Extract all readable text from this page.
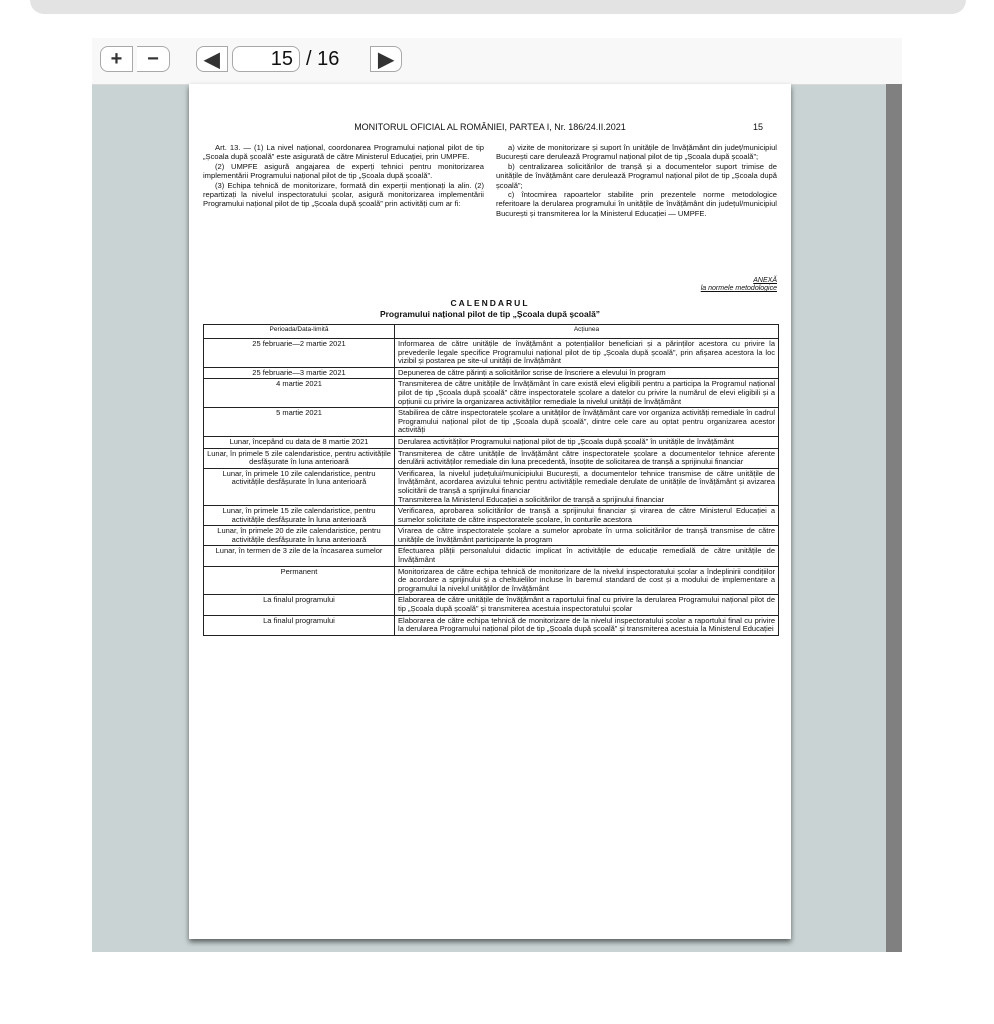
+	−	◀	15 / 16	▶
MONITORUL OFICIAL AL ROMÂNIEI, PARTEA I, Nr. 186/24.II.2021	15

Art. 13. — (1) La nivel național, coordonarea Programului național pilot de tip „Școala după școală” este asigurată de către Ministerul Educației, prin UMPFE.

(2) UMPFE asigură angajarea de experți tehnici pentru monitorizarea implementării Programului național pilot de tip „Școala după școală”.

(3) Echipa tehnică de monitorizare, formată din experții menționați la alin. (2) repartizați la nivelul inspectoratului școlar, asigură monitorizarea implementării Programului național pilot de tip „Școala după școală” prin activități cum ar fi:

a) vizite de monitorizare și suport în unitățile de învățământ din județ/municipiul București care derulează Programul național pilot de tip „Școala după școală”;

b) centralizarea solicitărilor de tranșă și a documentelor suport trimise de unitățile de învățământ care derulează Programul național pilot de tip „Școala după școală”;

c) întocmirea rapoartelor stabilite prin prezentele norme metodologice referitoare la derularea programului în unitățile de învățământ din județul/municipiul București și transmiterea lor la Ministerul Educației — UMPFE.

ANEXĂ
la normele metodologice
CALENDARUL
Programului național pilot de tip „Școala după școală”
Perioada/Data-limită	Acțiunea
25 februarie—2 martie 2021	Informarea de către unitățile de învățământ a potențialilor beneficiari și a părinților acestora cu privire la prevederile legale specifice Programului național pilot de tip „Școala după școală”, prin afișarea acestora la loc vizibil și postarea pe site-ul unității de învățământ
25 februarie—3 martie 2021	Depunerea de către părinți a solicitărilor scrise de înscriere a elevului în program
4 martie 2021	Transmiterea de către unitățile de învățământ în care există elevi eligibili pentru a participa la Programul național pilot de tip „Școala după școală” către inspectoratele școlare a datelor cu privire la numărul de elevi eligibili și a opțiunii cu privire la organizarea activităților remediale la nivelul unității de învățământ
5 martie 2021	Stabilirea de către inspectoratele școlare a unităților de învățământ care vor organiza activități remediale în cadrul Programului național pilot de tip „Școala după școală”, dintre cele care au optat pentru organizarea acestor activități
Lunar, începând cu data de 8 martie 2021	Derularea activităților Programului național pilot de tip „Școala după școală” în unitățile de învățământ
Lunar, în primele 5 zile calendaristice, pentru activitățile desfășurate în luna anterioară	Transmiterea de către unitățile de învățământ către inspectoratele școlare a documentelor tehnice aferente derulării activităților remediale din luna precedentă, însoțite de solicitarea de tranșă a sprijinului financiar
Lunar, în primele 10 zile calendaristice, pentru activitățile desfășurate în luna anterioară	Verificarea, la nivelul județului/municipiului București, a documentelor tehnice transmise de către unitățile de învățământ, acordarea avizului tehnic pentru activitățile remediale derulate de unitățile de învățământ și avizarea solicitării de tranșă a sprijinului financiar
Transmiterea la Ministerul Educației a solicitărilor de tranșă a sprijinului financiar

Lunar, în primele 15 zile calendaristice, pentru activitățile desfășurate în luna anterioară	Verificarea, aprobarea solicitărilor de tranșă a sprijinului financiar și virarea de către Ministerul Educației a sumelor solicitate de către inspectoratele școlare, în conturile acestora
Lunar, în primele 20 de zile calendaristice, pentru activitățile desfășurate în luna anterioară	Virarea de către inspectoratele școlare a sumelor aprobate în urma solicitărilor de tranșă transmise de către unitățile de învățământ participante la program
Lunar, în termen de 3 zile de la încasarea sumelor	Efectuarea plății personalului didactic implicat în activitățile de educație remedială de către unitățile de învățământ
Permanent	Monitorizarea de către echipa tehnică de monitorizare de la nivelul inspectoratului școlar a îndeplinirii condițiilor de acordare a sprijinului și a cheltuielilor incluse în baremul standard de cost și a modului de implementare a programului la nivelul unităților de învățământ
La finalul programului	Elaborarea de către unitățile de învățământ a raportului final cu privire la derularea Programului național pilot de tip „Școala după școală” și transmiterea acestuia inspectoratului școlar
La finalul programului	Elaborarea de către echipa tehnică de monitorizare de la nivelul inspectoratului școlar a raportului final cu privire la derularea Programului național pilot de tip „Școala după școală” și transmiterea acestuia la Ministerul Educației
